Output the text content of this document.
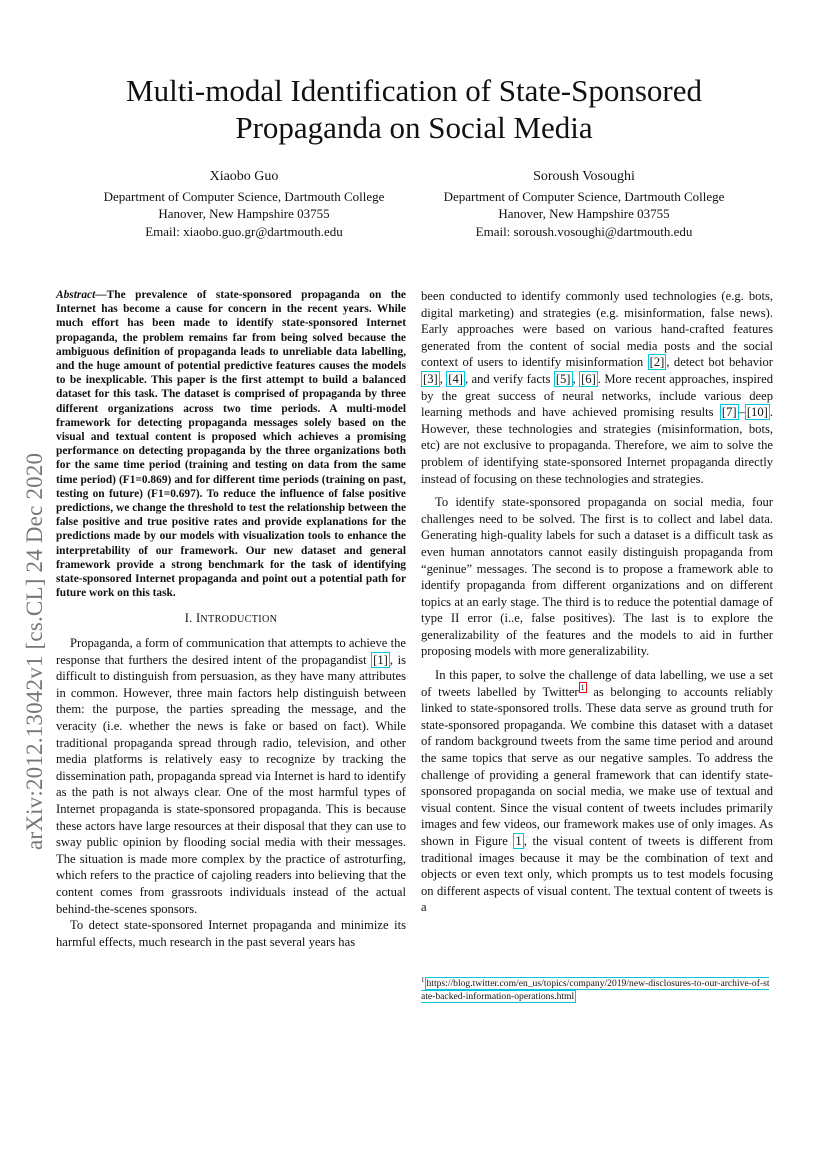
Multi-modal Identification of State-Sponsored
Propaganda on Social Media
Xiaobo Guo
Department of Computer Science, Dartmouth College
Hanover, New Hampshire 03755
Email: xiaobo.guo.gr@dartmouth.edu
Soroush Vosoughi
Department of Computer Science, Dartmouth College
Hanover, New Hampshire 03755
Email: soroush.vosoughi@dartmouth.edu
arXiv:2012.13042v1 [cs.CL] 24 Dec 2020
Abstract—The prevalence of state-sponsored propaganda on the Internet has become a cause for concern in the recent years. While much effort has been made to identify state-sponsored Internet propaganda, the problem remains far from being solved because the ambiguous definition of propaganda leads to unreliable data labelling, and the huge amount of potential predictive features causes the models to be inexplicable. This paper is the first attempt to build a balanced dataset for this task. The dataset is comprised of propaganda by three different organizations across two time periods. A multi-model framework for detecting propaganda messages solely based on the visual and textual content is proposed which achieves a promising performance on detecting propaganda by the three organizations both for the same time period (training and testing on data from the same time period) (F1=0.869) and for different time periods (training on past, testing on future) (F1=0.697). To reduce the influence of false positive predictions, we change the threshold to test the relationship between the false positive and true positive rates and provide explanations for the predictions made by our models with visualization tools to enhance the interpretability of our framework. Our new dataset and general framework provide a strong benchmark for the task of identifying state-sponsored Internet propaganda and point out a potential path for future work on this task.
I. INTRODUCTION

Propaganda, a form of communication that attempts to achieve the response that furthers the desired intent of the propagandist [1] , is difficult to distinguish from persuasion, as they have many attributes in common. However, three main factors help distinguish between them: the purpose, the parties spreading the message, and the veracity (i.e. whether the news is fake or based on fact). While traditional propaganda spread through radio, television, and other media platforms is relatively easy to recognize by tracking the dissemination path, propaganda spread via Internet is hard to identify as the path is not always clear. One of the most harmful types of Internet propaganda is state-sponsored propaganda. This is because these actors have large resources at their disposal that they can use to sway public opinion by flooding social media with their messages. The situation is made more complex by the practice of astroturfing, which refers to the practice of cajoling readers into believing that the content comes from grassroots individuals instead of the actual behind-the-scenes sponsors.

To detect state-sponsored Internet propaganda and minimize its harmful effects, much research in the past several years has

been conducted to identify commonly used technologies (e.g. bots, digital marketing) and strategies (e.g. misinformation, false news). Early approaches were based on various hand-crafted features generated from the content of social media posts and the social context of users to identify misinformation [2] , detect bot behavior [3] , [4] , and verify facts [5] , [6] . More recent approaches, inspired by the great success of neural networks, include various deep learning methods and have achieved promising results [7] – [10] . However, these technologies and strategies (misinformation, bots, etc) are not exclusive to propaganda. Therefore, we aim to solve the problem of identifying state-sponsored Internet propaganda directly instead of focusing on these technologies and strategies.

To identify state-sponsored propaganda on social media, four challenges need to be solved. The first is to collect and label data. Generating high-quality labels for such a dataset is a difficult task as even human annotators cannot easily distinguish propaganda from “geninue” messages. The second is to propose a framework able to identify propaganda from different organizations and on different topics at an early stage. The third is to reduce the potential damage of type II error (i..e, false positives). The last is to explore the generalizability of the features and the models to aid in further proposing models with more generalizability.

In this paper, to solve the challenge of data labelling, we use a set of tweets labelled by Twitter $^1$ as belonging to accounts reliably linked to state-sponsored trolls. These data serve as ground truth for state-sponsored propaganda. We combine this dataset with a dataset of random background tweets from the same time period and around the same topics that serve as our negative samples. To address the challenge of providing a general framework that can identify state-sponsored propaganda on social media, we make use of textual and visual content. Since the visual content of tweets includes primarily images and few videos, our framework makes use of only images. As shown in Figure 1 , the visual content of tweets is different from traditional images because it may be the combination of text and objects or even text only, which prompts us to test models focusing on different aspects of visual content. The textual content of tweets is a

$^1$ https://blog.twitter.com/en_us/topics/company/2019/new-disclosures-to-our-archive-of-state-backed-information-operations.html
